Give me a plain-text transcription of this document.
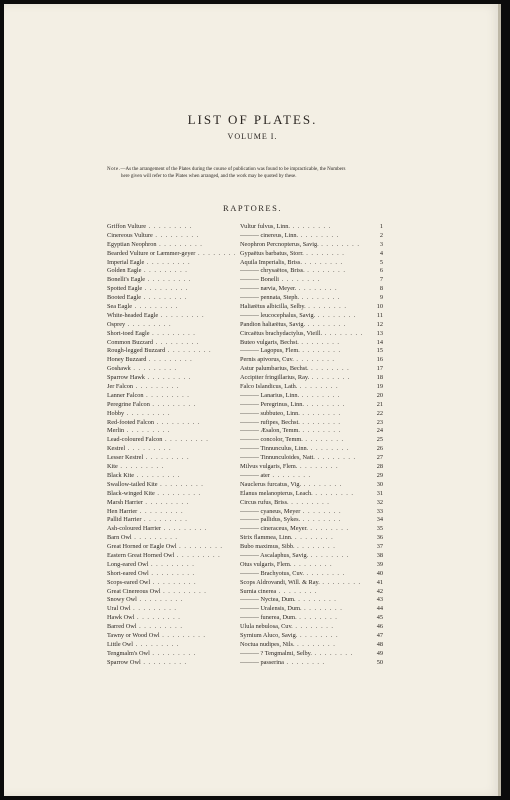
LIST OF PLATES.
VOLUME I.
Note.—As the arrangement of the Plates during the course of publication was found to be impracticable, the Numbers
here given will refer to the Plates when arranged, and the work may be quoted by these.
RAPTORES.
Griffon Vulture . .	Vultur fulvus, Linn. . .	1
Cinereous Vulture . .	——— cinereus, Linn. . .	2
Egyptian Neophron . .	Neophron Percnopterus, Savig. . .	3
Bearded Vulture or Læmmer-geyer . .	Gypaëtus barbatus, Storr. . .	4
Imperial Eagle . .	Aquila Imperialis, Briss. . .	5
Golden Eagle . .	——— chrysaëtos, Briss. . .	6
Bonelli's Eagle . .	——— Bonelli . .	7
Spotted Eagle . .	——— nævia, Meyer. . .	8
Booted Eagle . .	——— pennata, Steph. . .	9
Sea Eagle . .	Haliæëtus albicilla, Selby. . .	10
White-headed Eagle . .	——— leucocephalus, Savig. . .	11
Osprey . .	Pandion haliæëtus, Savig. . .	12
Short-toed Eagle . .	Circaëtus brachydactylus, Vieill. . .	13
Common Buzzard . .	Buteo vulgaris, Bechst. . .	14
Rough-legged Buzzard . .	——— Lagopus, Flem. . .	15
Honey Buzzard . .	Pernis apivorus, Cuv. . .	16
Goshawk . .	Astur palumbarius, Bechst. . .	17
Sparrow Hawk . .	Accipiter fringillarius, Ray. . .	18
Jer Falcon . .	Falco Islandicus, Lath. . .	19
Lanner Falcon . .	——— Lanarius, Linn. . .	20
Peregrine Falcon . .	——— Peregrinus, Linn. . .	21
Hobby . .	——— subbuteo, Linn. . .	22
Red-footed Falcon . .	——— rufipes, Bechst. . .	23
Merlin . .	——— Æsalon, Temm. . .	24
Lead-coloured Falcon . .	——— concolor, Temm. . .	25
Kestrel . .	——— Tinnunculus, Linn. . .	26
Lesser Kestrel . .	——— Tinnunculoides, Natt. . .	27
Kite . .	Milvus vulgaris, Flem. . .	28
Black Kite . .	——— ater . .	29
Swallow-tailed Kite . .	Nauclerus furcatus, Vig. . .	30
Black-winged Kite . .	Elanus melanopterus, Leach. . .	31
Marsh Harrier . .	Circus rufus, Briss. . .	32
Hen Harrier . .	——— cyaneus, Meyer . .	33
Pallid Harrier . .	——— pallidus, Sykes. . .	34
Ash-coloured Harrier . .	——— cineraceus, Meyer. . .	35
Barn Owl . .	Strix flammea, Linn. . .	36
Great Horned or Eagle Owl . .	Bubo maximus, Sibb. . .	37
Eastern Great Horned Owl . .	——— Ascalaphus, Savig. . .	38
Long-eared Owl . .	Otus vulgaris, Flem. . .	39
Short-eared Owl . .	——— Brachyotus, Cuv. . .	40
Scops-eared Owl . .	Scops Aldrovandi, Will. & Ray. . .	41
Great Cinereous Owl . .	Surnia cinerea . .	42
Snowy Owl . .	——— Nyctea, Dum. . .	43
Ural Owl . .	——— Uralensis, Dum. . .	44
Hawk Owl . .	——— funerea, Dum. . .	45
Barred Owl . .	Ulula nebulosa, Cuv. . .	46
Tawny or Wood Owl . .	Syrnium Aluco, Savig. . .	47
Little Owl . .	Noctua nudipes, Nils. . .	48
Tengmalm's Owl . .	——— ? Tengmalmi, Selby. . .	49
Sparrow Owl . .	——— passerina . .	50
